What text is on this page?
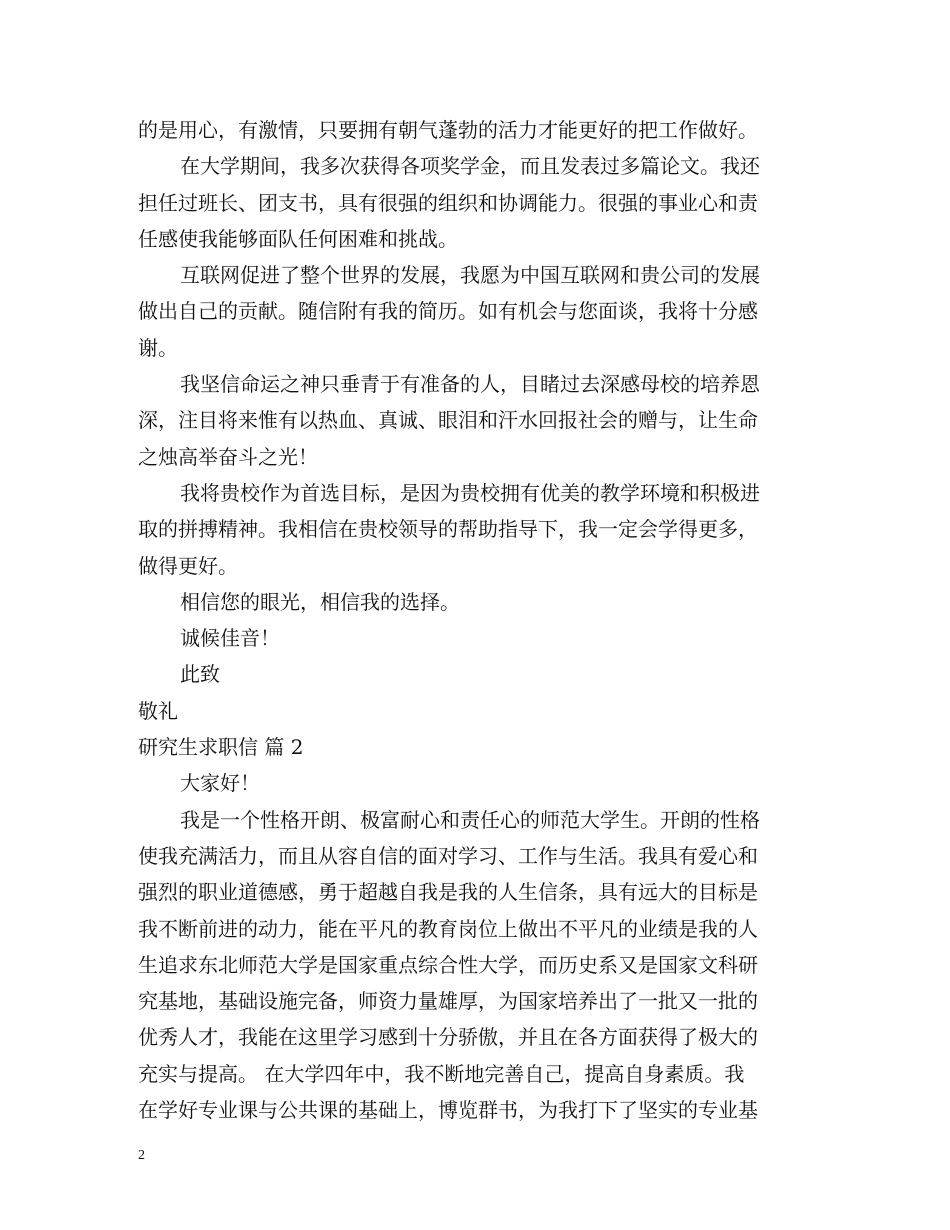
的是用心，有激情，只要拥有朝气蓬勃的活力才能更好的把工作做好。
在大学期间，我多次获得各项奖学金，而且发表过多篇论文。我还
担任过班长、团支书，具有很强的组织和协调能力。很强的事业心和责
任感使我能够面队任何困难和挑战。
互联网促进了整个世界的发展，我愿为中国互联网和贵公司的发展
做出自己的贡献。随信附有我的简历。如有机会与您面谈，我将十分感
谢。
我坚信命运之神只垂青于有准备的人，目睹过去深感母校的培养恩
深，注目将来惟有以热血、真诚、眼泪和汗水回报社会的赠与，让生命
之烛高举奋斗之光！
我将贵校作为首选目标，是因为贵校拥有优美的教学环境和积极进
取的拼搏精神。我相信在贵校领导的帮助指导下，我一定会学得更多，
做得更好。
相信您的眼光，相信我的选择。
诚候佳音！
此致
敬礼
研究生求职信 篇 2
大家好！
我是一个性格开朗、极富耐心和责任心的师范大学生。开朗的性格
使我充满活力，而且从容自信的面对学习、工作与生活。我具有爱心和
强烈的职业道德感，勇于超越自我是我的人生信条，具有远大的目标是
我不断前进的动力，能在平凡的教育岗位上做出不平凡的业绩是我的人
生追求东北师范大学是国家重点综合性大学，而历史系又是国家文科研
究基地，基础设施完备，师资力量雄厚，为国家培养出了一批又一批的
优秀人才，我能在这里学习感到十分骄傲，并且在各方面获得了极大的
充实与提高。 在大学四年中，我不断地完善自己，提高自身素质。我
在学好专业课与公共课的基础上，博览群书，为我打下了坚实的专业基
2
